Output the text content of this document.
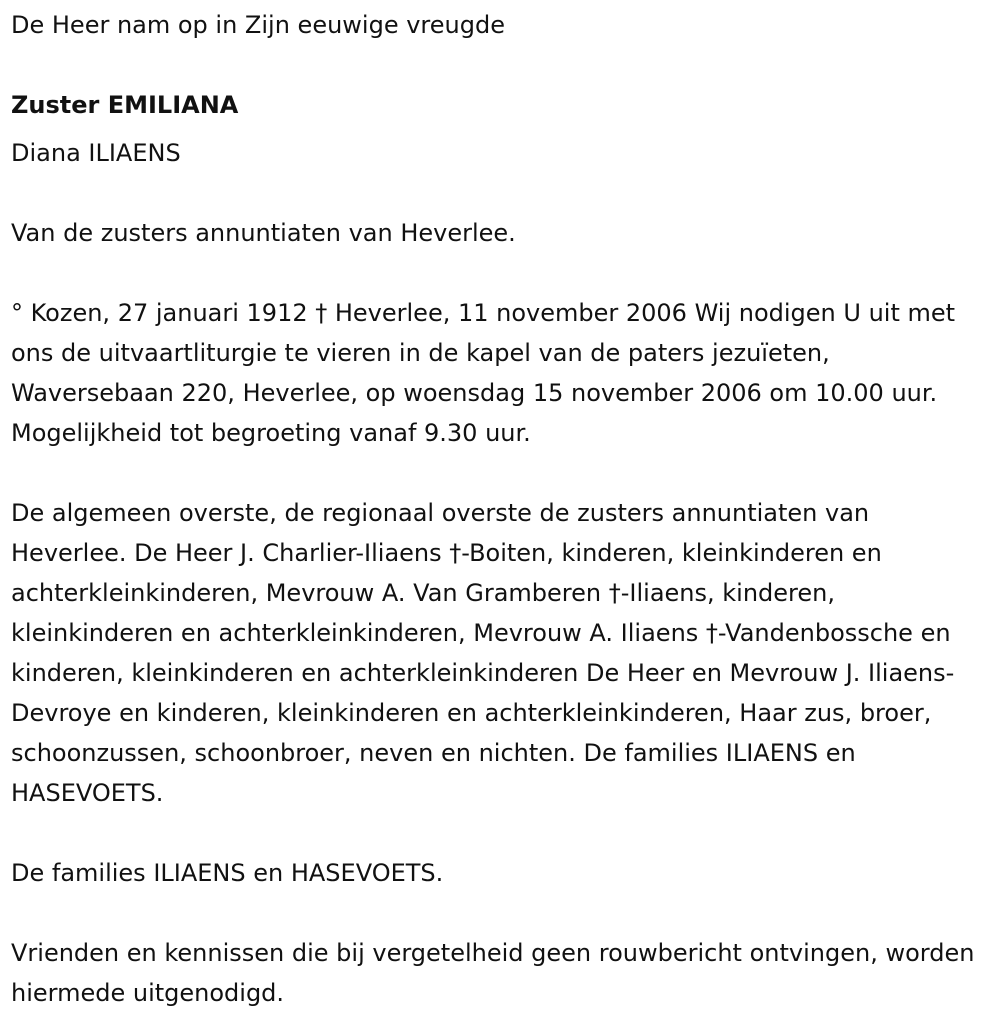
De Heer nam op in Zijn eeuwige vreugde

Zuster EMILIANA

Diana ILIAENS

Van de zusters annuntiaten van Heverlee.

° Kozen, 27 januari 1912 † Heverlee, 11 november 2006 Wij nodigen U uit met ons de uitvaartliturgie te vieren in de kapel van de paters jezuïeten, Waversebaan 220, Heverlee, op woensdag 15 november 2006 om 10.00 uur. Mogelijkheid tot begroeting vanaf 9.30 uur.

De algemeen overste, de regionaal overste de zusters annuntiaten van Heverlee. De Heer J. Charlier-Iliaens †-Boiten, kinderen, kleinkinderen en achterkleinkinderen, Mevrouw A. Van Gramberen †-Iliaens, kinderen, kleinkinderen en achterkleinkinderen, Mevrouw A. Iliaens †-Vandenbossche en kinderen, kleinkinderen en achterkleinkinderen De Heer en Mevrouw J. Iliaens-Devroye en kinderen, kleinkinderen en achterkleinkinderen, Haar zus, broer, schoonzussen, schoonbroer, neven en nichten. De families ILIAENS en HASEVOETS.

De families ILIAENS en HASEVOETS.

Vrienden en kennissen die bij vergetelheid geen rouwbericht ontvingen, worden hiermede uitgenodigd.
